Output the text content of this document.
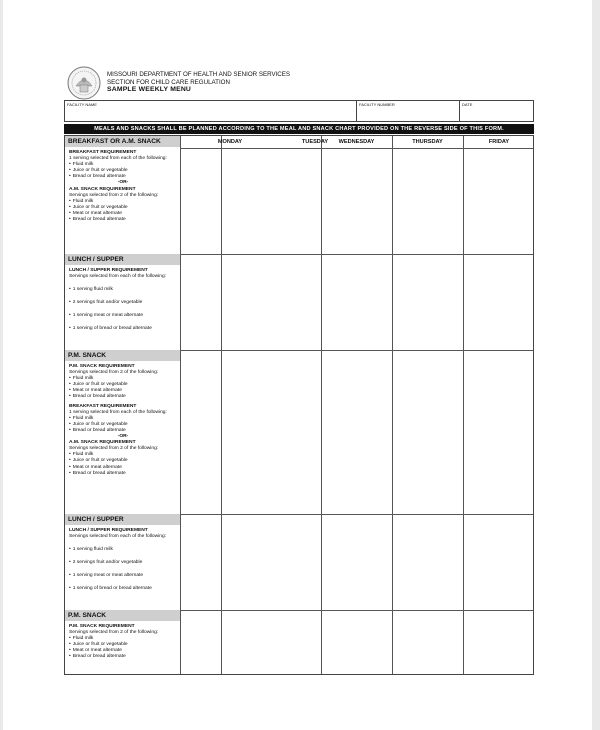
MISSOURI DEPARTMENT OF HEALTH AND SENIOR SERVICES
SECTION FOR CHILD CARE REGULATION
SAMPLE WEEKLY MENU
FACILITY NAME	FACILITY NUMBER	DATE
MEALS AND SNACKS SHALL BE PLANNED ACCORDING TO THE MEAL AND SNACK CHART PROVIDED ON THE REVERSE SIDE OF THIS FORM.
MONDAY	TUESDAY	WEDNESDAY	THURSDAY	FRIDAY
BREAKFAST OR A.M. SNACK
BREAKFAST REQUIREMENT
1 serving selected from each of the following:
• Fluid milk
• Juice or fruit or vegetable
• Bread or bread alternate
-OR-
A.M. SNACK REQUIREMENT
Servings selected from 2 of the following:
• Fluid milk
• Juice or fruit or vegetable
• Meat or meat alternate
• Bread or bread alternate
LUNCH / SUPPER
LUNCH / SUPPER REQUIREMENT
Servings selected from each of the following:
• 1 serving fluid milk
• 2 servings fruit and/or vegetable
• 1 serving meat or meat alternate
• 1 serving of bread or bread alternate
P.M. SNACK
P.M. SNACK REQUIREMENT
Servings selected from 2 of the following:
• Fluid milk
• Juice or fruit or vegetable
• Meat or meat alternate
• Bread or bread alternate
BREAKFAST REQUIREMENT
1 serving selected from each of the following:
• Fluid milk
• Juice or fruit or vegetable
• Bread or bread alternate
-OR-
A.M. SNACK REQUIREMENT
Servings selected from 2 of the following:
• Fluid milk
• Juice or fruit or vegetable
• Meat or meat alternate
• Bread or bread alternate
LUNCH / SUPPER
LUNCH / SUPPER REQUIREMENT
Servings selected from each of the following:
• 1 serving fluid milk
• 2 servings fruit and/or vegetable
• 1 serving meat or meat alternate
• 1 serving of bread or bread alternate
P.M. SNACK
P.M. SNACK REQUIREMENT
Servings selected from 2 of the following:
• Fluid milk
• Juice or fruit or vegetable
• Meat or meat alternate
• Bread or bread alternate
